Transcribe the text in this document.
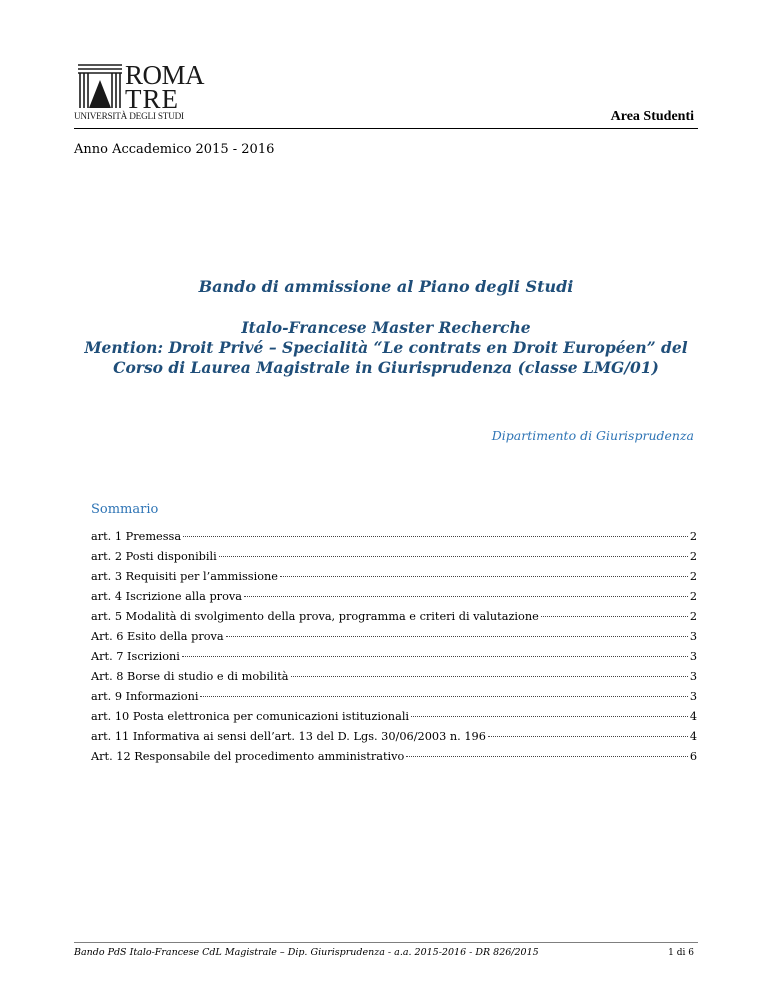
ROMA
TRE
UNIVERSITÀ DEGLI STUDI	Area Studenti
Anno Accademico 2015 - 2016
Bando di ammissione al Piano degli Studi
Italo-Francese Master Recherche
Mention: Droit Privé – Specialità “Le contrats en Droit Européen” del
Corso di Laurea Magistrale in Giurisprudenza (classe LMG/01)
Dipartimento di Giurisprudenza
Sommario
art. 1 Premessa	2
art. 2 Posti disponibili	2
art. 3 Requisiti per l’ammissione	2
art. 4 Iscrizione alla prova	2
art. 5 Modalità di svolgimento della prova, programma e criteri di valutazione	2
Art. 6 Esito della prova	3
Art. 7 Iscrizioni	3
Art. 8 Borse di studio e di mobilità	3
art. 9 Informazioni	3
art. 10 Posta elettronica per comunicazioni istituzionali	4
art. 11 Informativa ai sensi dell’art. 13 del D. Lgs. 30/06/2003 n. 196	4
Art. 12 Responsabile del procedimento amministrativo	6
Bando PdS Italo-Francese CdL Magistrale – Dip. Giurisprudenza - a.a. 2015-2016 - DR 826/2015	1 di 6
